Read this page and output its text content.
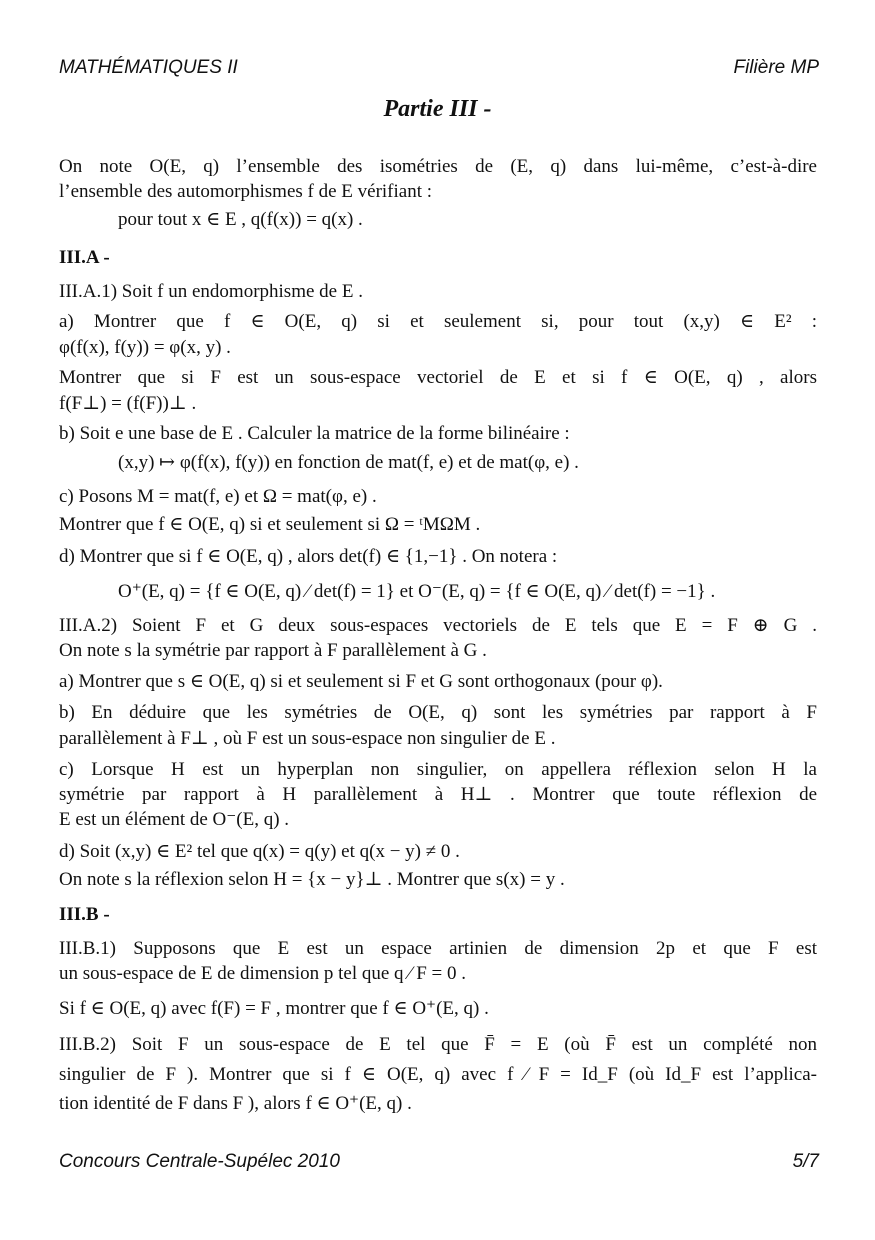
MATHÉMATIQUES II	Filière MP
Partie III -
On note O(E, q) l’ensemble des isométries de (E, q) dans lui-même, c’est-à-dire
l’ensemble des automorphismes f de E vérifiant :
pour tout x ∈ E , q(f(x)) = q(x) .
III.A -
III.A.1) Soit f un endomorphisme de E .
a) Montrer que f ∈ O(E, q) si et seulement si, pour tout (x,y) ∈ E² :
φ(f(x), f(y)) = φ(x, y) .
Montrer que si F est un sous-espace vectoriel de E et si f ∈ O(E, q) , alors
f(F⊥) = (f(F))⊥ .
b) Soit e une base de E . Calculer la matrice de la forme bilinéaire :
(x,y) ↦ φ(f(x), f(y)) en fonction de mat(f, e) et de mat(φ, e) .
c) Posons M = mat(f, e) et Ω = mat(φ, e) .
Montrer que f ∈ O(E, q) si et seulement si Ω = ᵗMΩM .
d) Montrer que si f ∈ O(E, q) , alors det(f) ∈ {1,−1} . On notera :
O⁺(E, q) = {f ∈ O(E, q) ⁄ det(f) = 1} et O⁻(E, q) = {f ∈ O(E, q) ⁄ det(f) = −1} .
III.A.2) Soient F et G deux sous-espaces vectoriels de E tels que E = F ⊕ G .
On note s la symétrie par rapport à F parallèlement à G .
a) Montrer que s ∈ O(E, q) si et seulement si F et G sont orthogonaux (pour φ).
b) En déduire que les symétries de O(E, q) sont les symétries par rapport à F
parallèlement à F⊥ , où F est un sous-espace non singulier de E .
c) Lorsque H est un hyperplan non singulier, on appellera réflexion selon H la
symétrie par rapport à H parallèlement à H⊥ . Montrer que toute réflexion de
E est un élément de O⁻(E, q) .
d) Soit (x,y) ∈ E² tel que q(x) = q(y) et q(x − y) ≠ 0 .
On note s la réflexion selon H = {x − y}⊥ . Montrer que s(x) = y .
III.B -
III.B.1) Supposons que E est un espace artinien de dimension 2p et que F est
un sous-espace de E de dimension p tel que q ⁄ F = 0 .
Si f ∈ O(E, q) avec f(F) = F , montrer que f ∈ O⁺(E, q) .
III.B.2) Soit F un sous-espace de E tel que F̄ = E (où F̄ est un complété non
singulier de F ). Montrer que si f ∈ O(E, q) avec f ⁄ F = Id_F (où Id_F est l’applica-
tion identité de F dans F ), alors f ∈ O⁺(E, q) .
Concours Centrale-Supélec 2010	5/7
